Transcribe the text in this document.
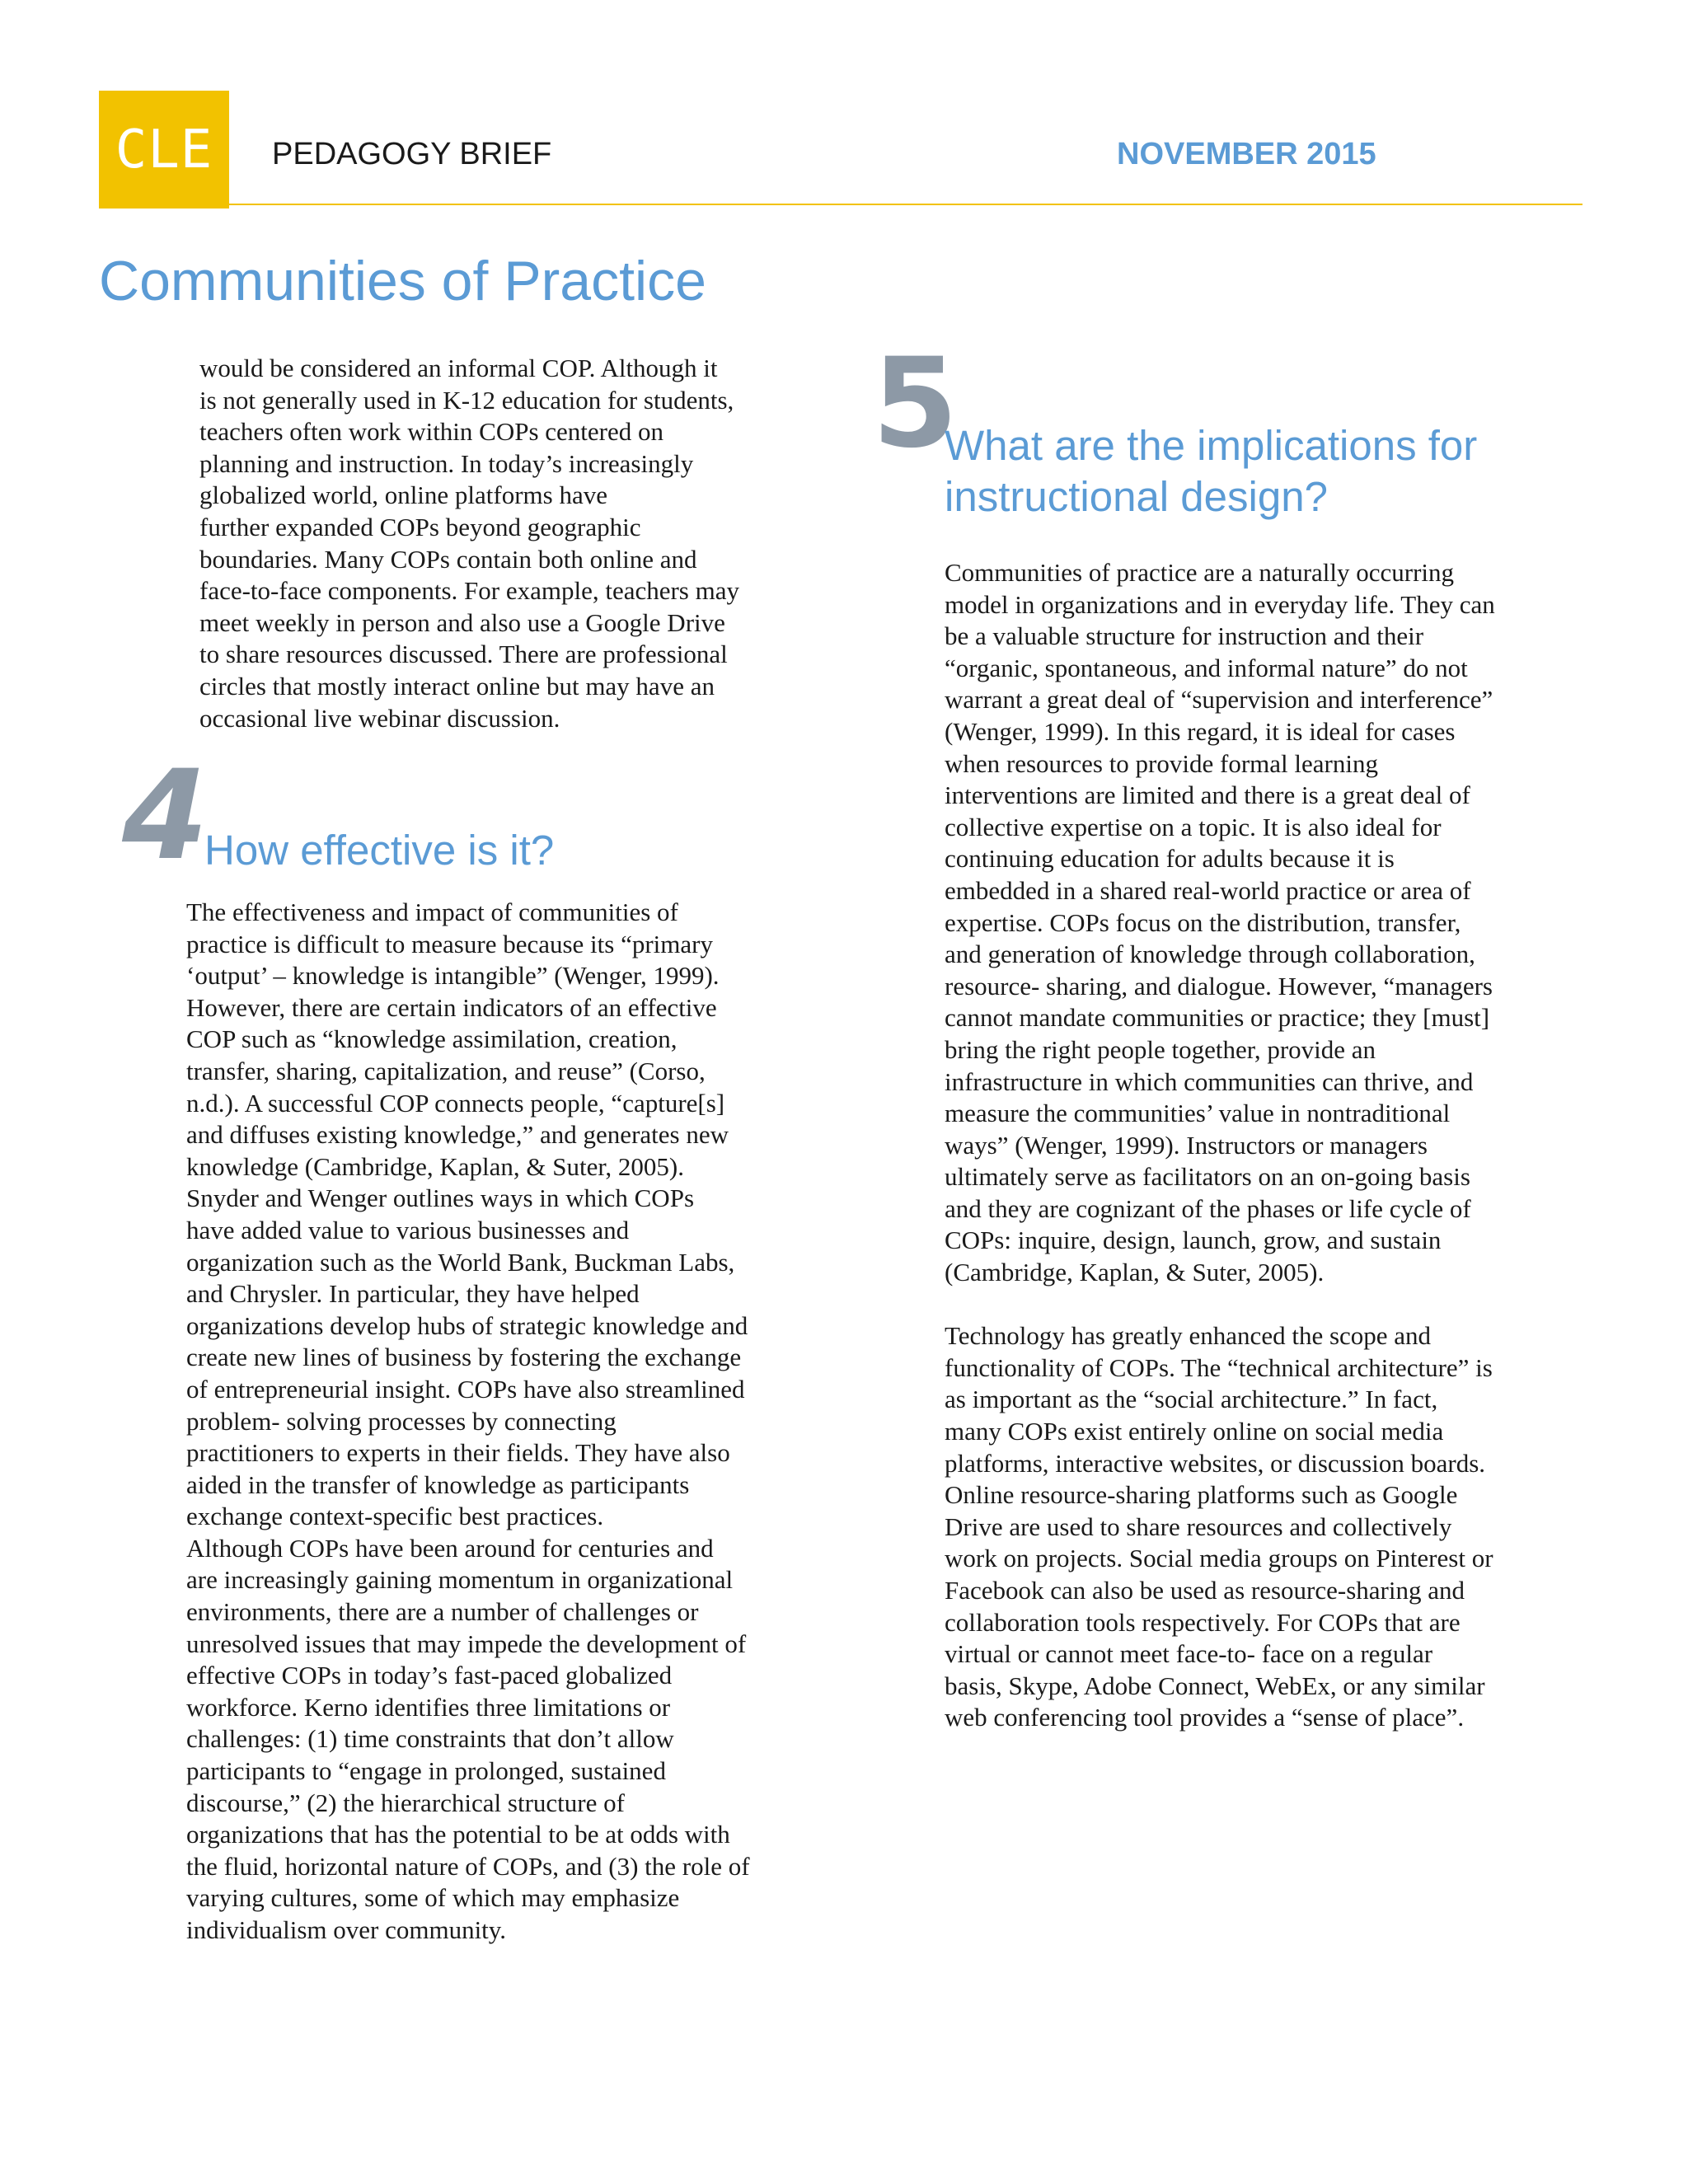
CLE	PEDAGOGY BRIEF	NOVEMBER 2015
Communities of Practice

would be considered an informal COP. Although it
is not generally used in K-12 education for students,
teachers often work within COPs centered on
planning and instruction. In today’s increasingly
globalized world, online platforms have
further expanded COPs beyond geographic
boundaries. Many COPs contain both online and
face-to-face components. For example, teachers may
meet weekly in person and also use a Google Drive
to share resources discussed. There are professional
circles that mostly interact online but may have an
occasional live webinar discussion.

4
How effective is it?

The effectiveness and impact of communities of
practice is difficult to measure because its “primary
‘output’ – knowledge is intangible” (Wenger, 1999).
However, there are certain indicators of an effective
COP such as “knowledge assimilation, creation,
transfer, sharing, capitalization, and reuse” (Corso,
n.d.). A successful COP connects people, “capture[s]
and diffuses existing knowledge,” and generates new
knowledge (Cambridge, Kaplan, & Suter, 2005).
Snyder and Wenger outlines ways in which COPs
have added value to various businesses and
organization such as the World Bank, Buckman Labs,
and Chrysler. In particular, they have helped
organizations develop hubs of strategic knowledge and
create new lines of business by fostering the exchange
of entrepreneurial insight. COPs have also streamlined
problem- solving processes by connecting
practitioners to experts in their fields. They have also
aided in the transfer of knowledge as participants
exchange context-specific best practices.

Although COPs have been around for centuries and
are increasingly gaining momentum in organizational
environments, there are a number of challenges or
unresolved issues that may impede the development of
effective COPs in today’s fast-paced globalized
workforce. Kerno identifies three limitations or
challenges: (1) time constraints that don’t allow
participants to “engage in prolonged, sustained
discourse,” (2) the hierarchical structure of
organizations that has the potential to be at odds with
the fluid, horizontal nature of COPs, and (3) the role of
varying cultures, some of which may emphasize
individualism over community.

5
What are the implications for
instructional design?

Communities of practice are a naturally occurring
model in organizations and in everyday life. They can
be a valuable structure for instruction and their
“organic, spontaneous, and informal nature” do not
warrant a great deal of “supervision and interference”
(Wenger, 1999). In this regard, it is ideal for cases
when resources to provide formal learning
interventions are limited and there is a great deal of
collective expertise on a topic. It is also ideal for
continuing education for adults because it is
embedded in a shared real-world practice or area of
expertise. COPs focus on the distribution, transfer,
and generation of knowledge through collaboration,
resource- sharing, and dialogue. However, “managers
cannot mandate communities or practice; they [must]
bring the right people together, provide an
infrastructure in which communities can thrive, and
measure the communities’ value in nontraditional
ways” (Wenger, 1999). Instructors or managers
ultimately serve as facilitators on an on-going basis
and they are cognizant of the phases or life cycle of
COPs: inquire, design, launch, grow, and sustain
(Cambridge, Kaplan, & Suter, 2005).

Technology has greatly enhanced the scope and
functionality of COPs. The “technical architecture” is
as important as the “social architecture.” In fact,
many COPs exist entirely online on social media
platforms, interactive websites, or discussion boards.
Online resource-sharing platforms such as Google
Drive are used to share resources and collectively
work on projects. Social media groups on Pinterest or
Facebook can also be used as resource-sharing and
collaboration tools respectively. For COPs that are
virtual or cannot meet face-to- face on a regular
basis, Skype, Adobe Connect, WebEx, or any similar
web conferencing tool provides a “sense of place”.
